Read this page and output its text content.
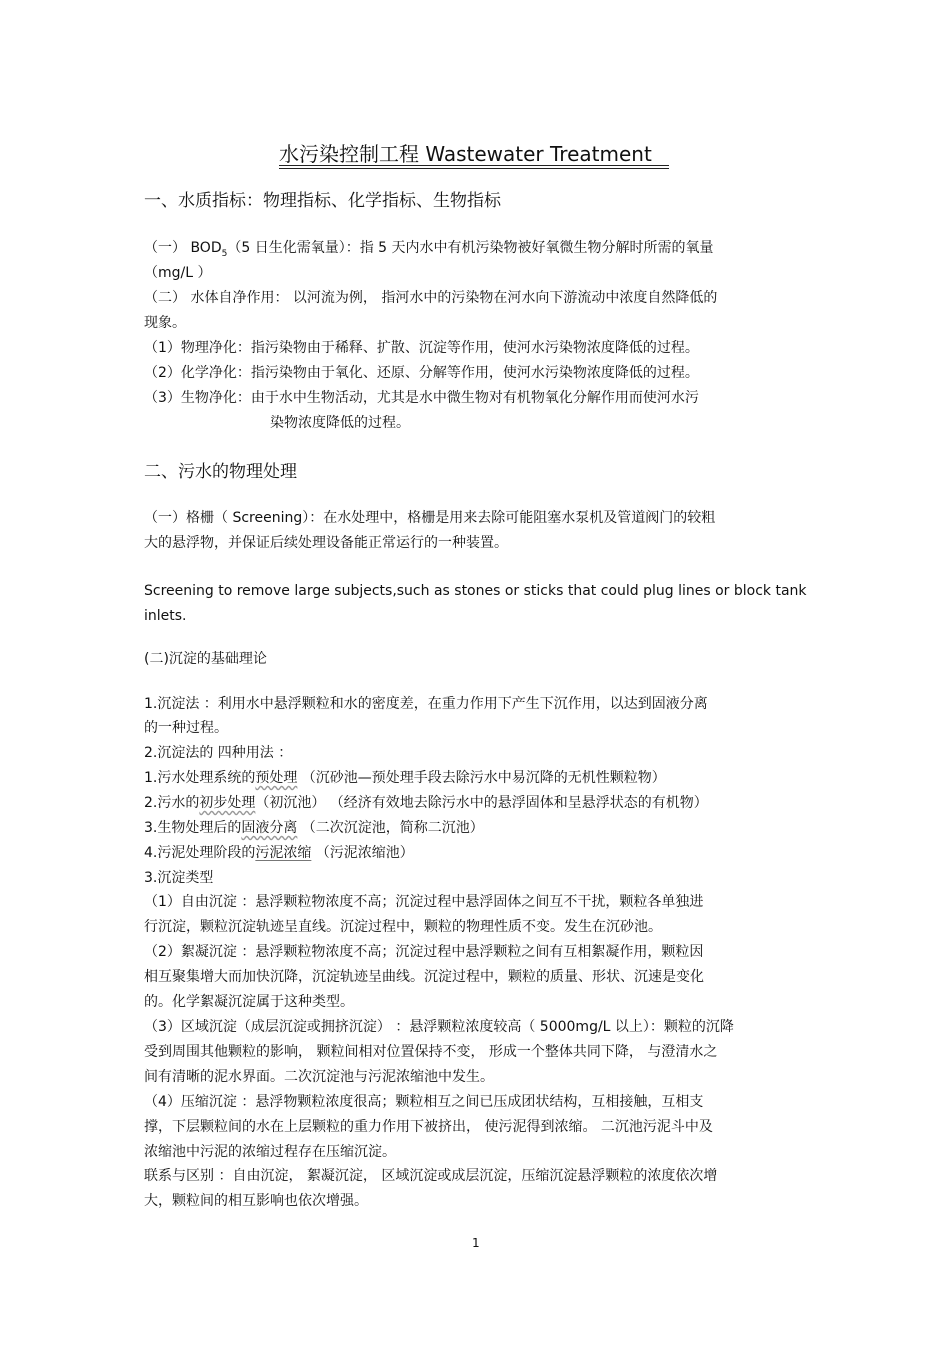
水污染控制工程 Wastewater Treatment
一、水质指标：物理指标、化学指标、生物指标
（一） $BOD_5(5$ 日生化需氧量）：指 5 天内水中有机污染物被好氧微生物分解时所需的氧量
（mg/L ）
（二） 水体自净作用： 以河流为例， 指河水中的污染物在河水向下游流动中浓度自然降低的
现象。
（1）物理净化：指污染物由于稀释、扩散、沉淀等作用，使河水污染物浓度降低的过程。
（2）化学净化：指污染物由于氧化、还原、分解等作用，使河水污染物浓度降低的过程。
（3）生物净化：由于水中生物活动，尤其是水中微生物对有机物氧化分解作用而使河水污
染物浓度降低的过程。
二、污水的物理处理
（一）格栅（ Screening）：在水处理中，格栅是用来去除可能阻塞水泵机及管道阀门的较粗
大的悬浮物，并保证后续处理设备能正常运行的一种装置。
Screening to remove large subjects,such as stones or sticks that could plug lines or block tank
inlets.
(二)沉淀的基础理论
1.沉淀法 ：利用水中悬浮颗粒和水的密度差，在重力作用下产生下沉作用，以达到固液分离
的一种过程。
2.沉淀法的 四种用法 ：
1.污水处理系统的预处理 （沉砂池—预处理手段去除污水中易沉降的无机性颗粒物）
2.污水的初步处理（初沉池） （经济有效地去除污水中的悬浮固体和呈悬浮状态的有机物）
3.生物处理后的固液分离 （二次沉淀池，简称二沉池）
4.污泥处理阶段的污泥浓缩 （污泥浓缩池）
3.沉淀类型
（1）自由沉淀 ：悬浮颗粒物浓度不高；沉淀过程中悬浮固体之间互不干扰，颗粒各单独进
行沉淀，颗粒沉淀轨迹呈直线。沉淀过程中，颗粒的物理性质不变。发生在沉砂池。
（2）絮凝沉淀 ：悬浮颗粒物浓度不高；沉淀过程中悬浮颗粒之间有互相絮凝作用，颗粒因
相互聚集增大而加快沉降，沉淀轨迹呈曲线。沉淀过程中，颗粒的质量、形状、沉速是变化
的。化学絮凝沉淀属于这种类型。
（3）区域沉淀（成层沉淀或拥挤沉淀） ：悬浮颗粒浓度较高（ 5000mg/L 以上）：颗粒的沉降
受到周围其他颗粒的影响， 颗粒间相对位置保持不变， 形成一个整体共同下降， 与澄清水之
间有清晰的泥水界面。二次沉淀池与污泥浓缩池中发生。
（4）压缩沉淀 ：悬浮物颗粒浓度很高；颗粒相互之间已压成团状结构，互相接触，互相支
撑，下层颗粒间的水在上层颗粒的重力作用下被挤出， 使污泥得到浓缩。 二沉池污泥斗中及
浓缩池中污泥的浓缩过程存在压缩沉淀。
联系与区别 ：自由沉淀， 絮凝沉淀， 区域沉淀或成层沉淀，压缩沉淀悬浮颗粒的浓度依次增
大，颗粒间的相互影响也依次增强。
1
